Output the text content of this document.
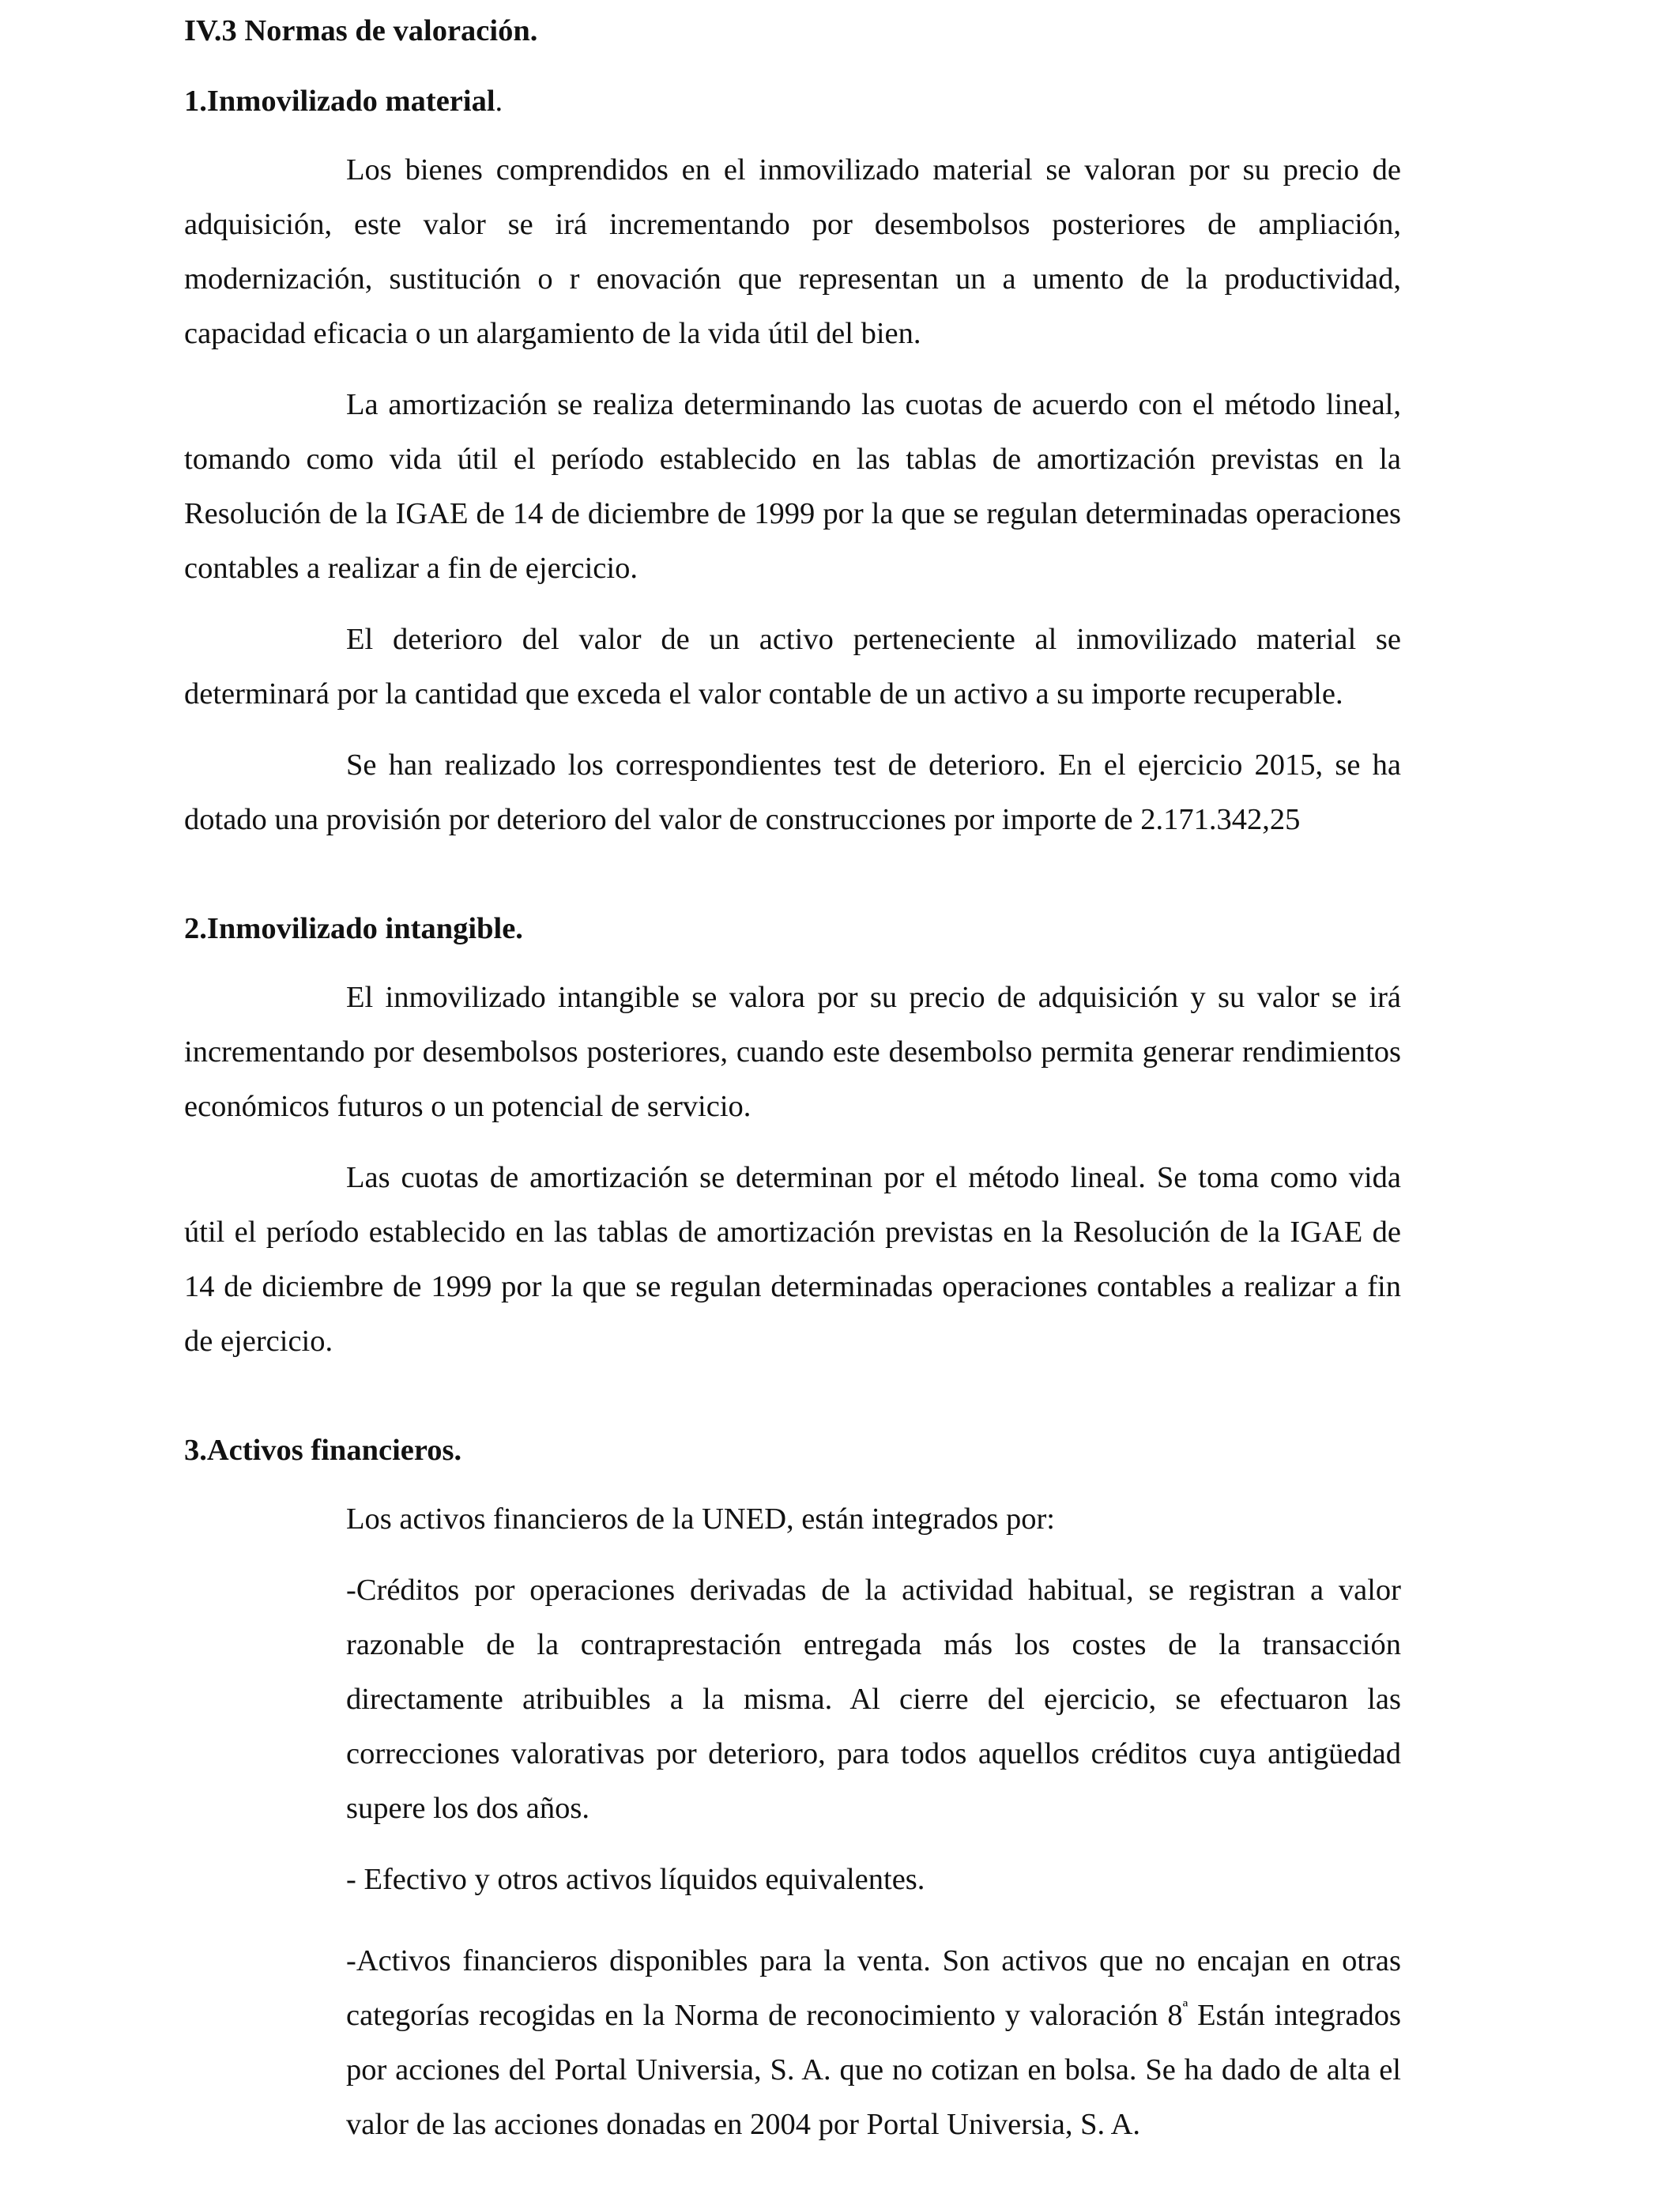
IV.3 Normas de valoración.

1.Inmovilizado material.

Los bienes comprendidos en el inmovilizado material se valoran por su precio de adquisición, este valor se irá incrementando por desembolsos posteriores de ampliación, modernización, sustitución o r enovación que representan un a umento de la productividad, capacidad eficacia o un alargamiento de la vida útil del bien.

La amortización se realiza determinando las cuotas de acuerdo con el método lineal, tomando como vida útil el período establecido en las tablas de amortización previstas en la Resolución de la IGAE de 14 de diciembre de 1999 por la que se regulan determinadas operaciones contables a realizar a fin de ejercicio.

El deterioro del valor de un activo perteneciente al inmovilizado material se determinará por la cantidad que exceda el valor contable de un activo a su importe recuperable.

Se han realizado los correspondientes test de deterioro. En el ejercicio 2015, se ha dotado una provisión por deterioro del valor de construcciones por importe de 2.171.342,25

2.Inmovilizado intangible.

El inmovilizado intangible se valora por su precio de adquisición y su valor se irá incrementando por desembolsos posteriores, cuando este desembolso permita generar rendimientos económicos futuros o un potencial de servicio.

Las cuotas de amortización se determinan por el método lineal. Se toma como vida útil el período establecido en las tablas de amortización previstas en la Resolución de la IGAE de 14 de diciembre de 1999 por la que se regulan determinadas operaciones contables a realizar a fin de ejercicio.

3.Activos financieros.

Los activos financieros de la UNED, están integrados por:

-Créditos por operaciones derivadas de la actividad habitual, se registran a valor razonable de la contraprestación entregada más los costes de la transacción directamente atribuibles a la misma. Al cierre del ejercicio, se efectuaron las correcciones valorativas por deterioro, para todos aquellos créditos cuya antigüedad supere los dos años.

- Efectivo y otros activos líquidos equivalentes.

-Activos financieros disponibles para la venta. Son activos que no encajan en otras categorías recogidas en la Norma de reconocimiento y valoración $8^ª$ Están integrados por acciones del Portal Universia, S. A. que no cotizan en bolsa. Se ha dado de alta el valor de las acciones donadas en 2004 por Portal Universia, S. A.
